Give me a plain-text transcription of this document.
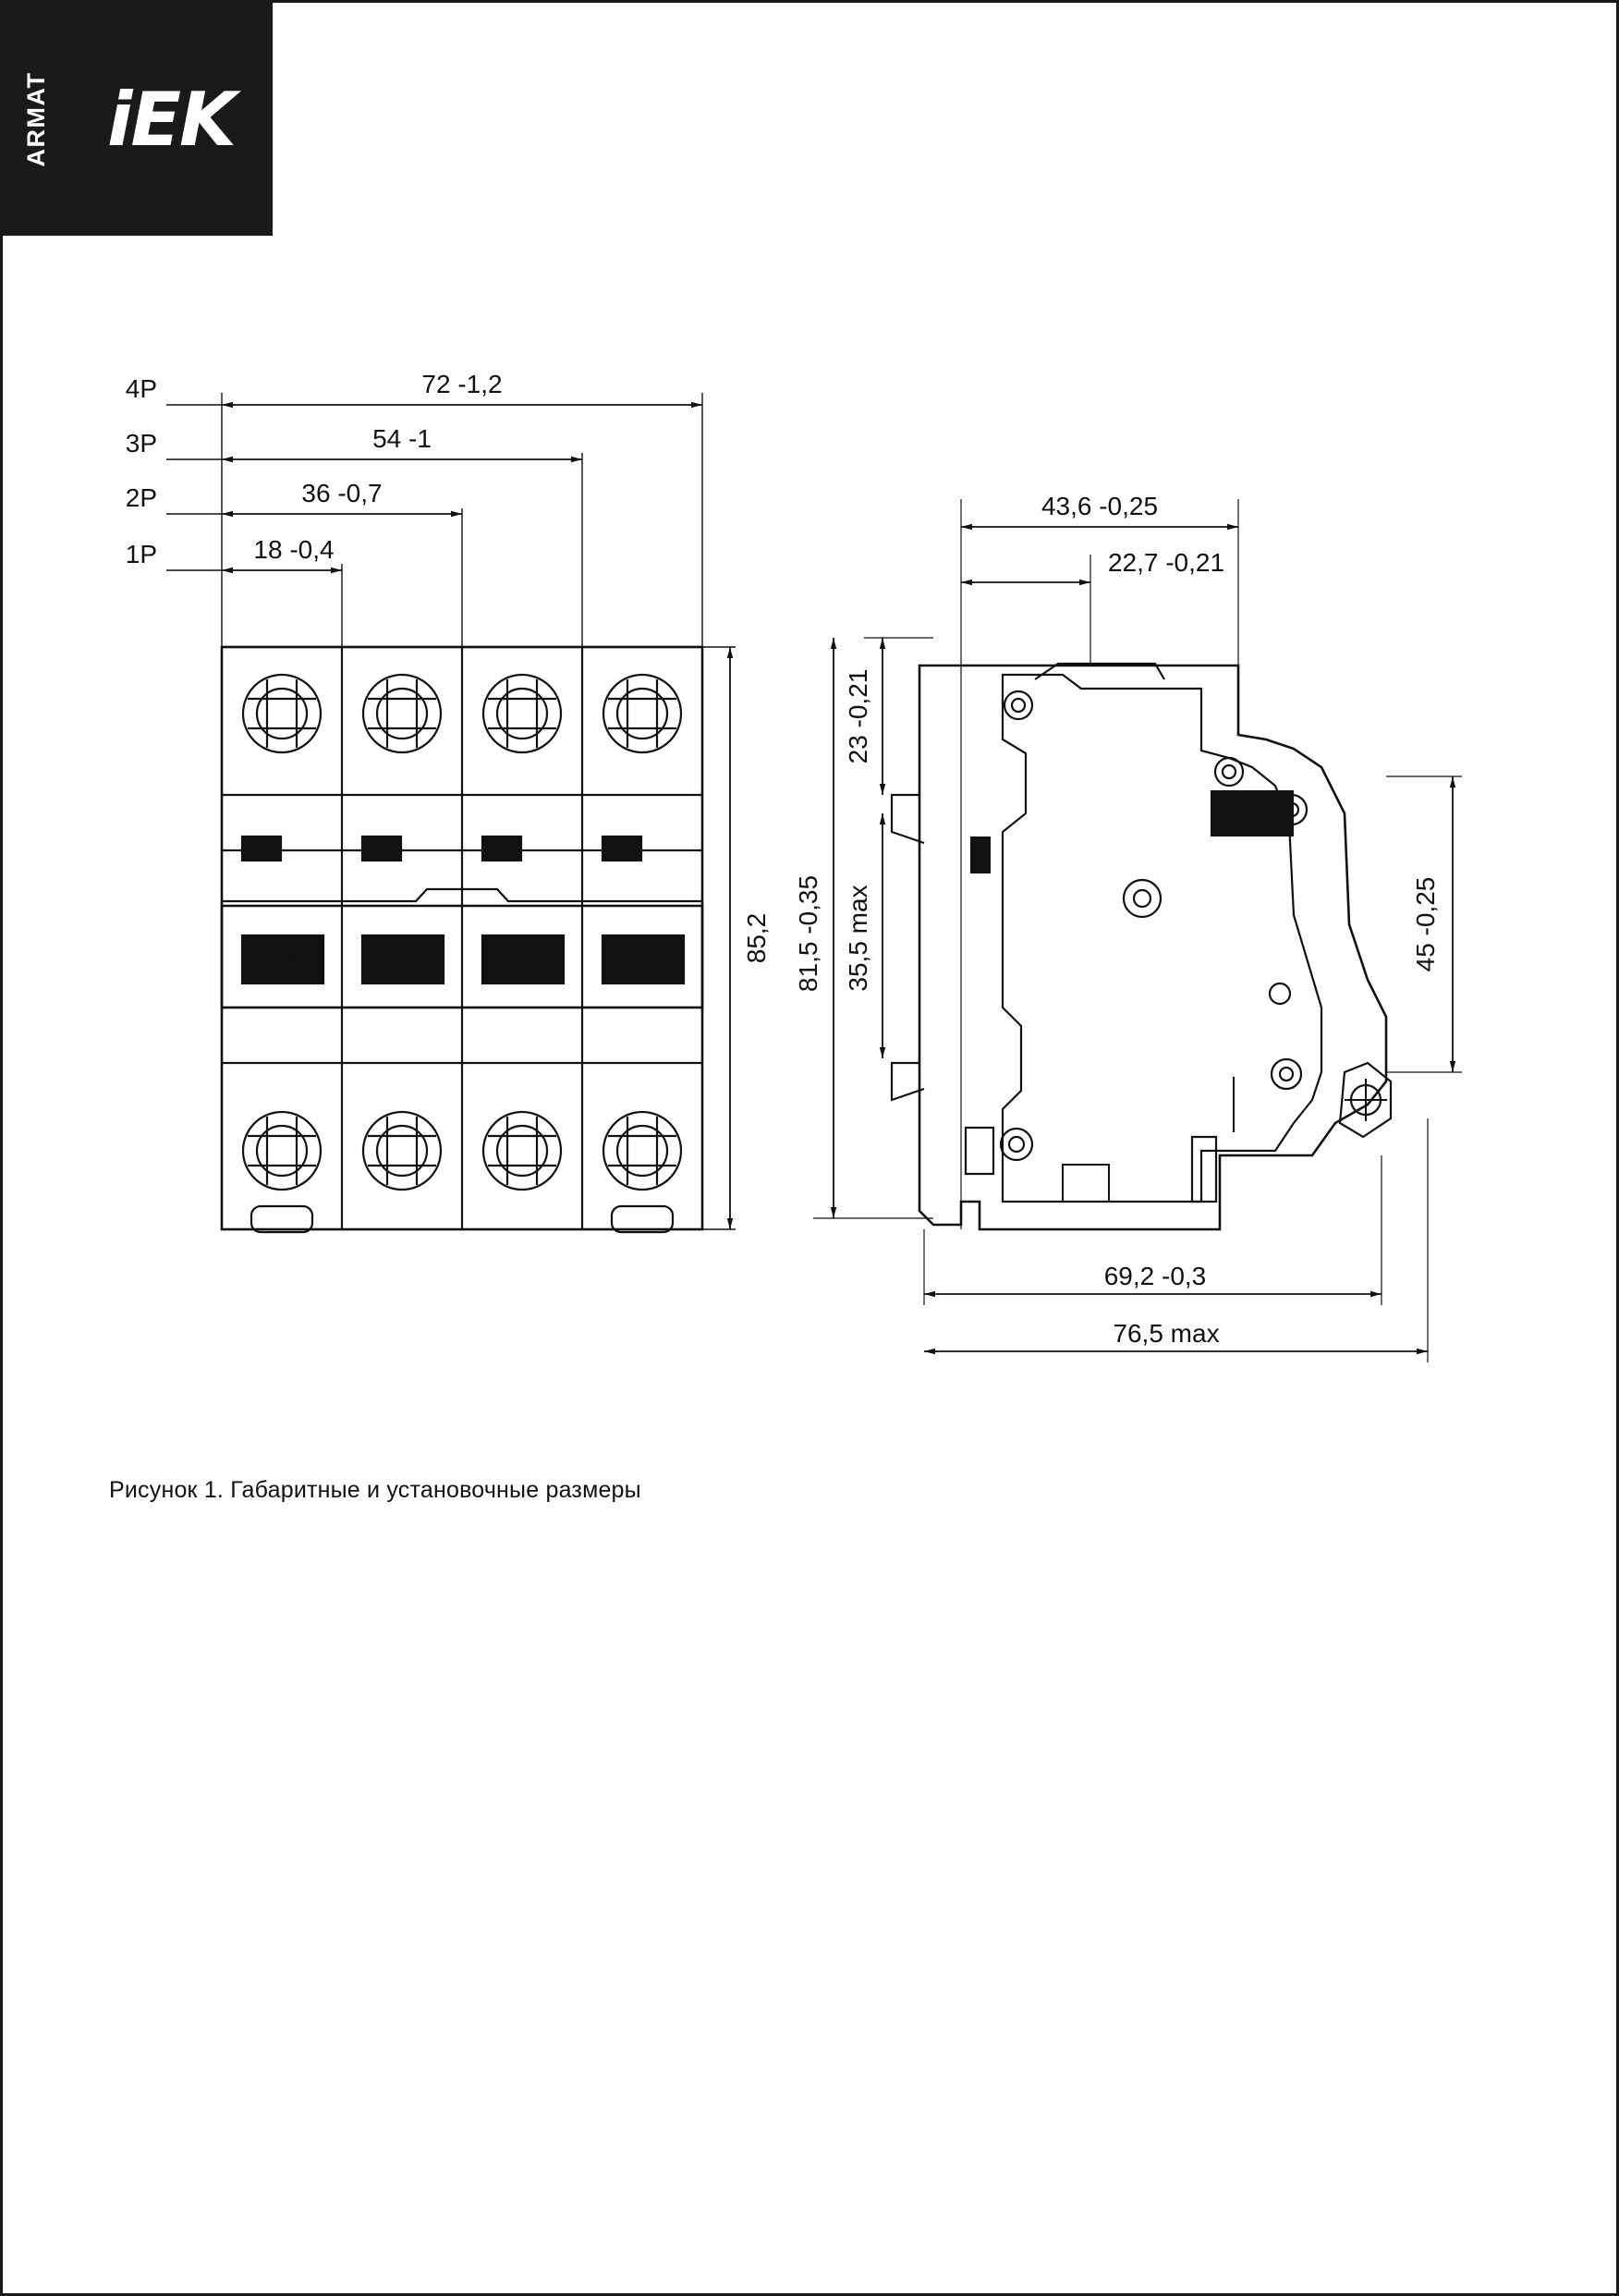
ARMAT iEK
4P
3P
2P
1P
72 -1,2
54 -1
36 -0,7
18 -0,4
85,2
0-OFF	0-OFF	0-OFF	0-OFF
43,6 -0,25
22,7 -0,21
23 -0,21
35,5 max
81,5 -0,35	45 -0,25
69,2 -0,3
76,5 max
Рисунок 1. Габаритные и установочные размеры
